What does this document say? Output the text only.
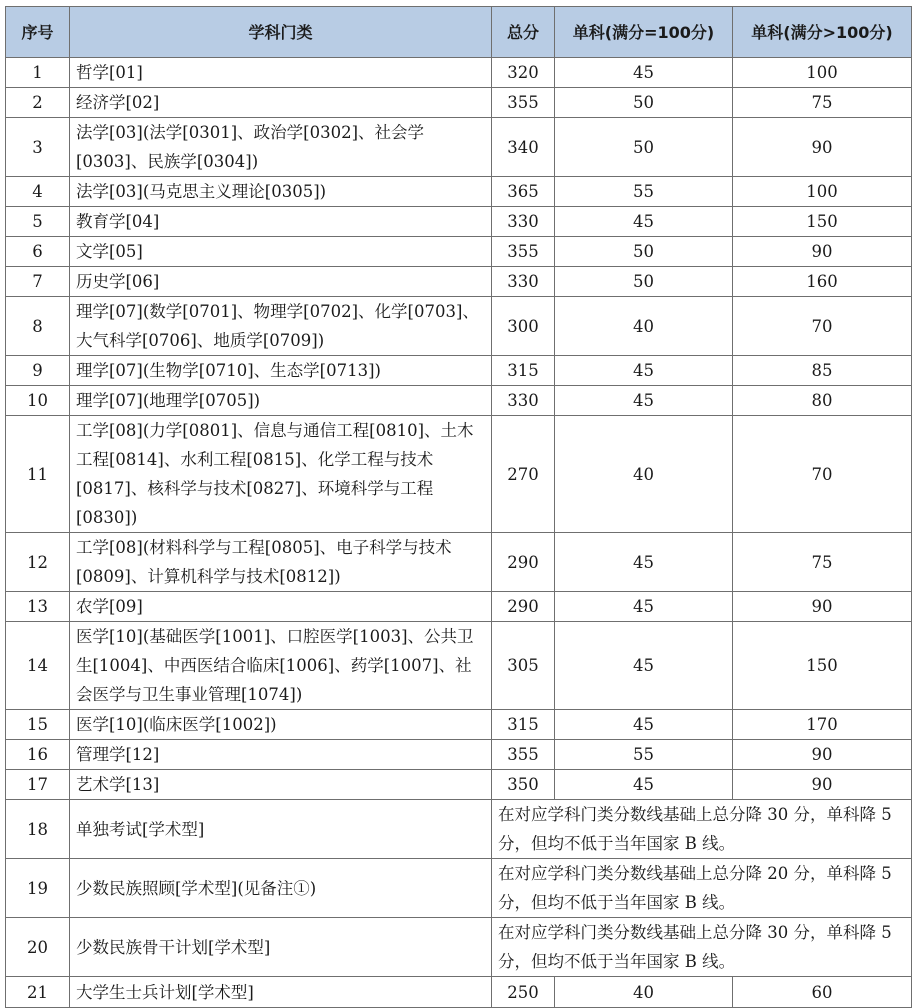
序号	学科门类	总分	单科(满分=100分)	单科(满分>100分)
1	哲学[01]	320	45	100
2	经济学[02]	355	50	75
3	法学[03](法学[0301]、政治学[0302]、社会学[0303]、民族学[0304])	340	50	90
4	法学[03](马克思主义理论[0305])	365	55	100
5	教育学[04]	330	45	150
6	文学[05]	355	50	90
7	历史学[06]	330	50	160
8	理学[07](数学[0701]、物理学[0702]、化学[0703]、大气科学[0706]、地质学[0709])	300	40	70
9	理学[07](生物学[0710]、生态学[0713])	315	45	85
10	理学[07](地理学[0705])	330	45	80
11	工学[08](力学[0801]、信息与通信工程[0810]、土木工程[0814]、水利工程[0815]、化学工程与技术[0817]、核科学与技术[0827]、环境科学与工程[0830])	270	40	70
12	工学[08](材料科学与工程[0805]、电子科学与技术[0809]、计算机科学与技术[0812])	290	45	75
13	农学[09]	290	45	90
14	医学[10](基础医学[1001]、口腔医学[1003]、公共卫生[1004]、中西医结合临床[1006]、药学[1007]、社会医学与卫生事业管理[1074])	305	45	150
15	医学[10](临床医学[1002])	315	45	170
16	管理学[12]	355	55	90
17	艺术学[13]	350	45	90
18	单独考试[学术型]	在对应学科门类分数线基础上总分降 30 分，单科降 5 分，但均不低于当年国家 B 线。		
19	少数民族照顾[学术型](见备注①)	在对应学科门类分数线基础上总分降 20 分，单科降 5 分，但均不低于当年国家 B 线。		
20	少数民族骨干计划[学术型]	在对应学科门类分数线基础上总分降 30 分，单科降 5 分，但均不低于当年国家 B 线。		
21	大学生士兵计划[学术型]	250	40	60
